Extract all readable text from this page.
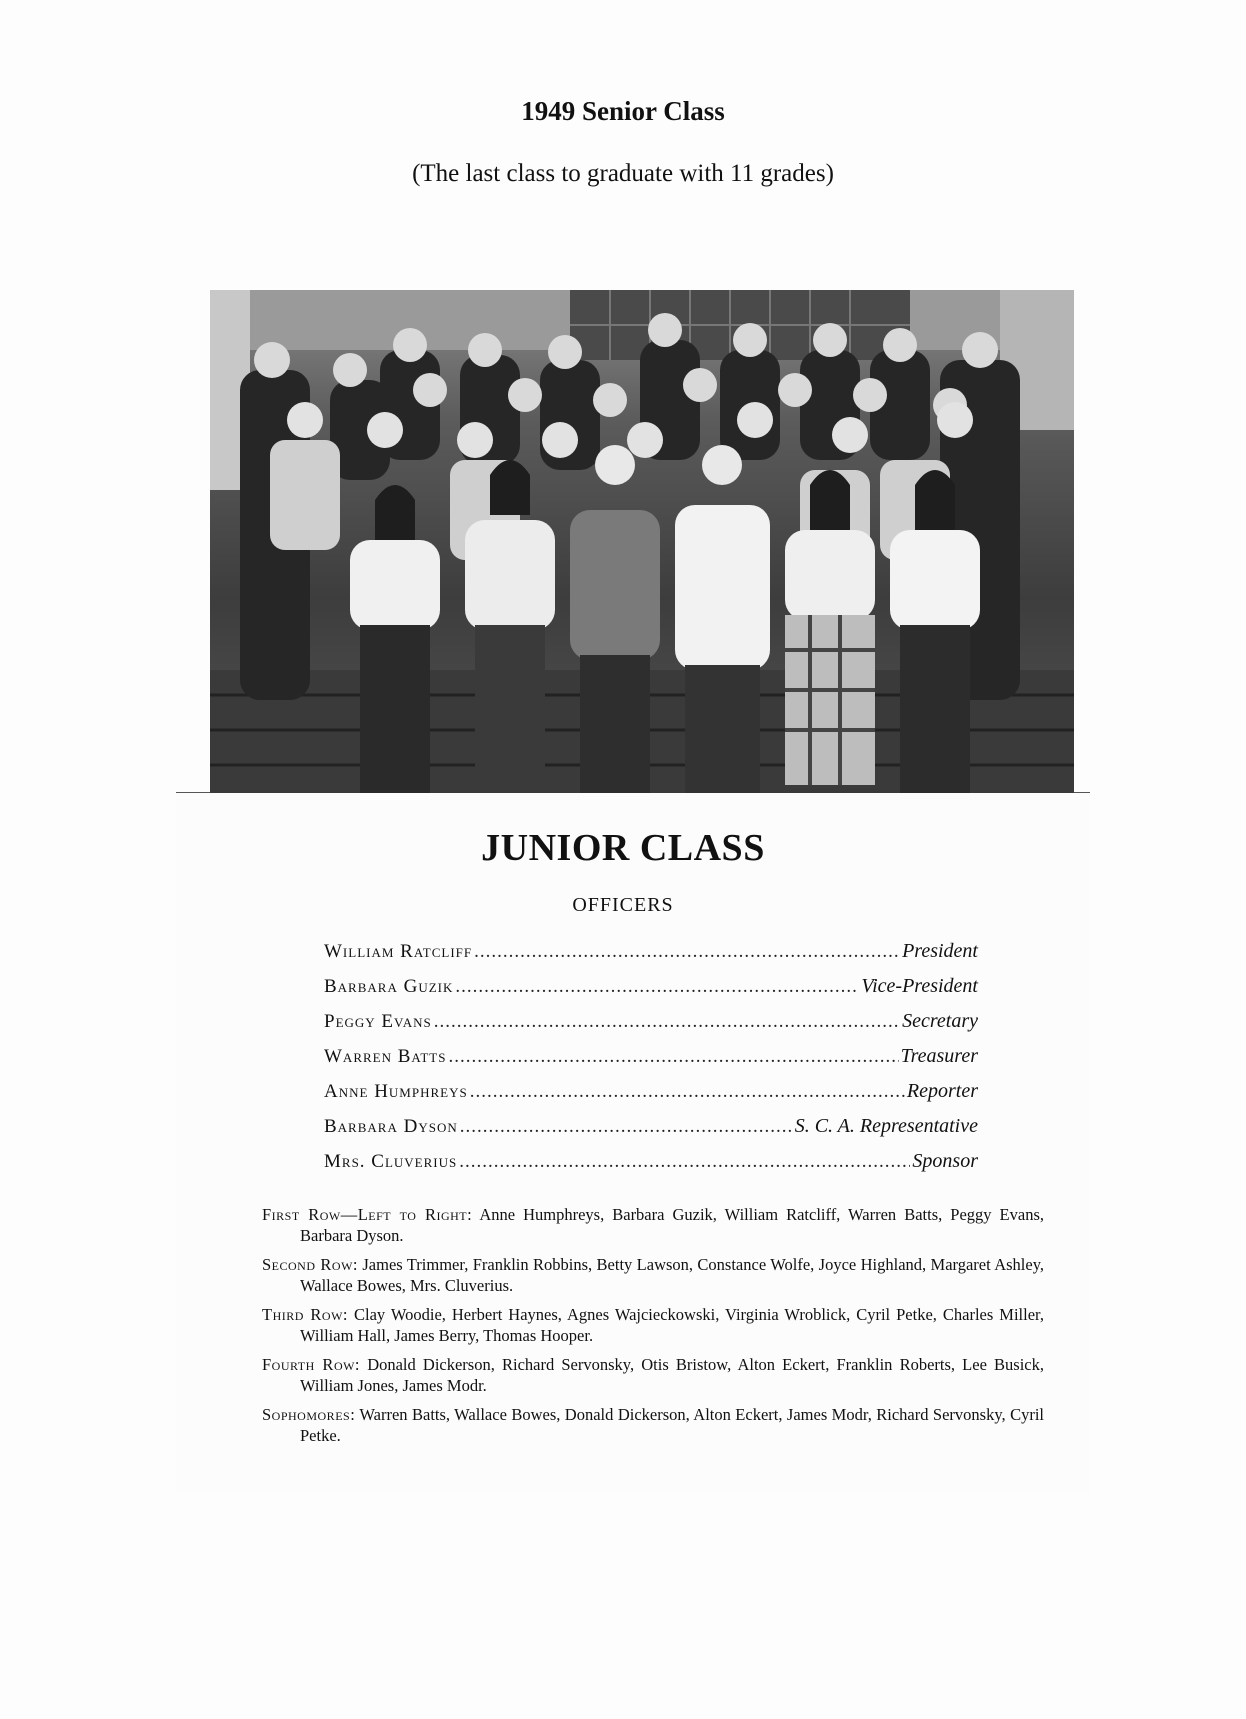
1949 Senior Class
(The last class to graduate with 11 grades)
JUNIOR CLASS
OFFICERS
William Ratcliff .....	President
Barbara Guzik .....	Vice-President
Peggy Evans .....	Secretary
Warren Batts .....	Treasurer
Anne Humphreys .....	Reporter
Barbara Dyson .....	S. C. A. Representative
Mrs. Cluverius .....	Sponsor
First Row—Left to Right: Anne Humphreys, Barbara Guzik, William Ratcliff, Warren Batts, Peggy Evans, Barbara Dyson.
Second Row: James Trimmer, Franklin Robbins, Betty Lawson, Constance Wolfe, Joyce Highland, Margaret Ashley, Wallace Bowes, Mrs. Cluverius.
Third Row: Clay Woodie, Herbert Haynes, Agnes Wajcieckowski, Virginia Wroblick, Cyril Petke, Charles Miller, William Hall, James Berry, Thomas Hooper.
Fourth Row: Donald Dickerson, Richard Servonsky, Otis Bristow, Alton Eckert, Franklin Roberts, Lee Busick, William Jones, James Modr.
Sophomores: Warren Batts, Wallace Bowes, Donald Dickerson, Alton Eckert, James Modr, Richard Servonsky, Cyril Petke.
